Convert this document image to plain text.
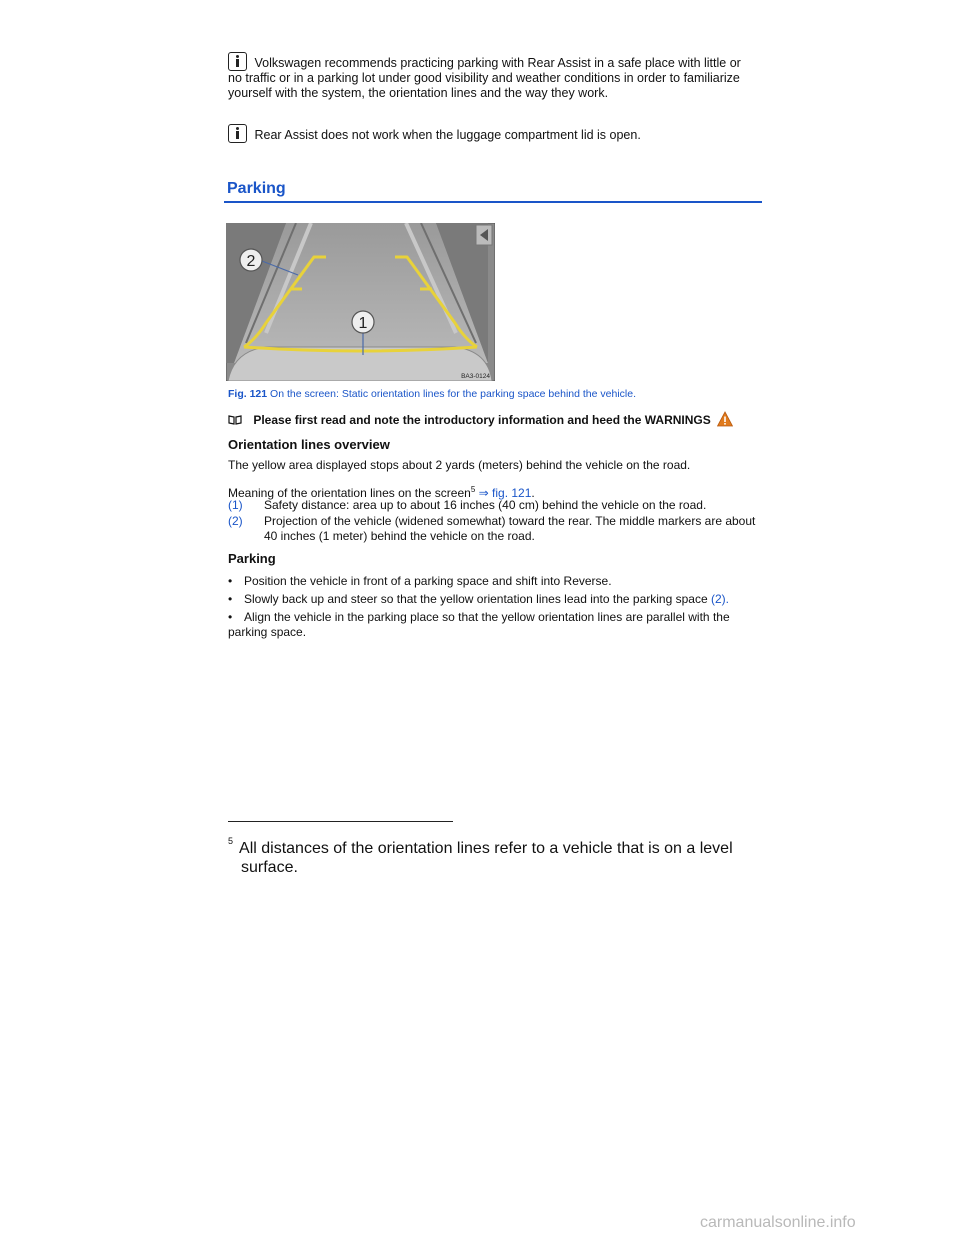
Volkswagen recommends practicing parking with Rear Assist in a safe place with little or no traffic or in a parking lot under good visibility and weather conditions in order to familiarize yourself with the system, the orientation lines and the way they work.
Rear Assist does not work when the luggage compartment lid is open.
Parking
2
1
BA3-0124
Fig. 121 On the screen: Static orientation lines for the parking space behind the vehicle.
Please first read and note the introductory information and heed the WARNINGS
Orientation lines overview
The yellow area displayed stops about 2 yards (meters) behind the vehicle on the road.
Meaning of the orientation lines on the screen$^5$ ⇒ fig. 121.
(1) Safety distance: area up to about 16 inches (40 cm) behind the vehicle on the road.
(2) Projection of the vehicle (widened somewhat) toward the rear. The middle markers are about 40 inches (1 meter) behind the vehicle on the road.
Parking
• Position the vehicle in front of a parking space and shift into Reverse.
• Slowly back up and steer so that the yellow orientation lines lead into the parking space (2).
• Align the vehicle in the parking place so that the yellow orientation lines are parallel with the parking space.
$^5$ All distances of the orientation lines refer to a vehicle that is on a level
surface.
carmanualsonline.info
